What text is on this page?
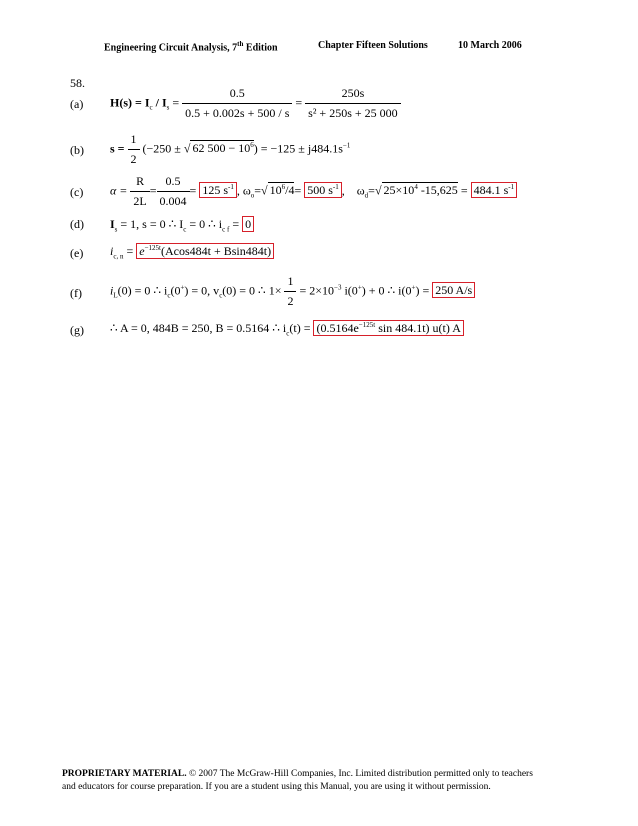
Engineering Circuit Analysis, 7th Edition	Chapter Fifteen Solutions	10 March 2006
58.
(a) $H(s) = I_c / I_s = \frac{0.5}{0.5 + 0.002s + 500 / s} = \frac{250s}{\text{s² + 250s + 25 000}}$
(b) $s = \frac{1}{2} (-250$ ± √ 62 $500 - 10^6) = -125 \pm j484.1s^{-1}$
(c) $\alpha = \frac{R}{2L} = \frac{0.5}{0.004} = 125$ $s^{-1}$ , $\omega_o=√$ $10^6/4= 500$ $s^{-1}$ , $\omega_d=√$ $25\times 10^4$ -15,625 = 484.1 $s^{-1}$
(d) $I_s = 1$, s = 0 ∴ $I_c = 0$ ∴ $i_{c f} = 0$
(e) $i_{c, n} = e^{-125t}(Acos484t + Bsin484t)$
(f) $i_L(0) = 0$ ∴ $i_c(0^+) = 0$, $v_c(0) = 0$ ∴ $1\times \frac{1}{2} = 2\times 10^{-3}$ i(0+) + 0 ∴ i(0+) = 250 A/s
(g) ∴ A = 0, 484B = 250, B = 0.5164 ∴ $i_c(t) = (0.5164e^{-125t}$ sin 484.1t) u(t) A
PROPRIETARY MATERIAL. © 2007 The McGraw-Hill Companies, Inc. Limited distribution permitted only to teachers
and educators for course preparation. If you are a student using this Manual, you are using it without permission.
